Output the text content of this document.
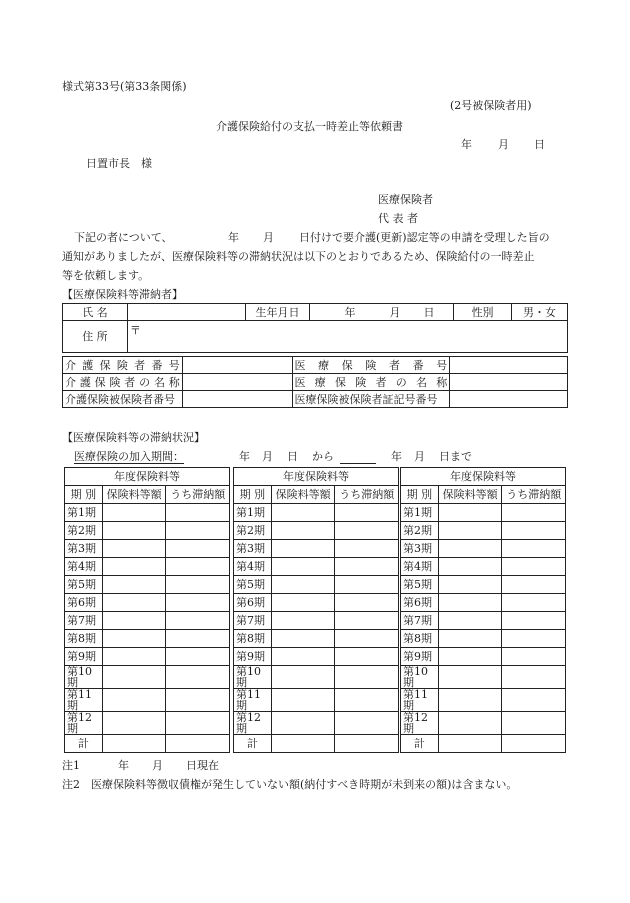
様式第33号(第33条関係)
(2号被保険者用)
介護保険給付の支払一時差止等依頼書
年 月 日
日置市長　様
医療保険者
代 表 者
下記の者について、	年 月 日付けで要介護(更新)認定等の申請を受理した旨の
通知がありましたが、医療保険料等の滞納状況は以下のとおりであるため、保険給付の一時差止
等を依頼します。
【医療保険料等滞納者】
氏 名		生年月日	年 月 日	性別	男・女
住 所	〒				
介護保険者番号		医療保険者番号	
介護保険者の名称		医療保険者の名称	
介護保険被保険者番号		医療保険被保険者証記号番号	
【医療保険料等の滞納状況】
医療保険の加入期間：	年 月 日 から	年 月 日まで
年度保険料等		
期 別	保険料等額	うち滞納額
第1期		
第2期		
第3期		
第4期		
第5期		
第6期		
第7期		
第8期		
第9期		
第10期		
第11期		
第12期		
計		
年度保険料等		
期 別	保険料等額	うち滞納額
第1期		
第2期		
第3期		
第4期		
第5期		
第6期		
第7期		
第8期		
第9期		
第10期		
第11期		
第12期		
計		
年度保険料等		
期 別	保険料等額	うち滞納額
第1期		
第2期		
第3期		
第4期		
第5期		
第6期		
第7期		
第8期		
第9期		
第10期		
第11期		
第12期		
計		
注1	年 月 日現在
注2　医療保険料等徴収債権が発生していない額(納付すべき時期が未到来の額)は含まない。
